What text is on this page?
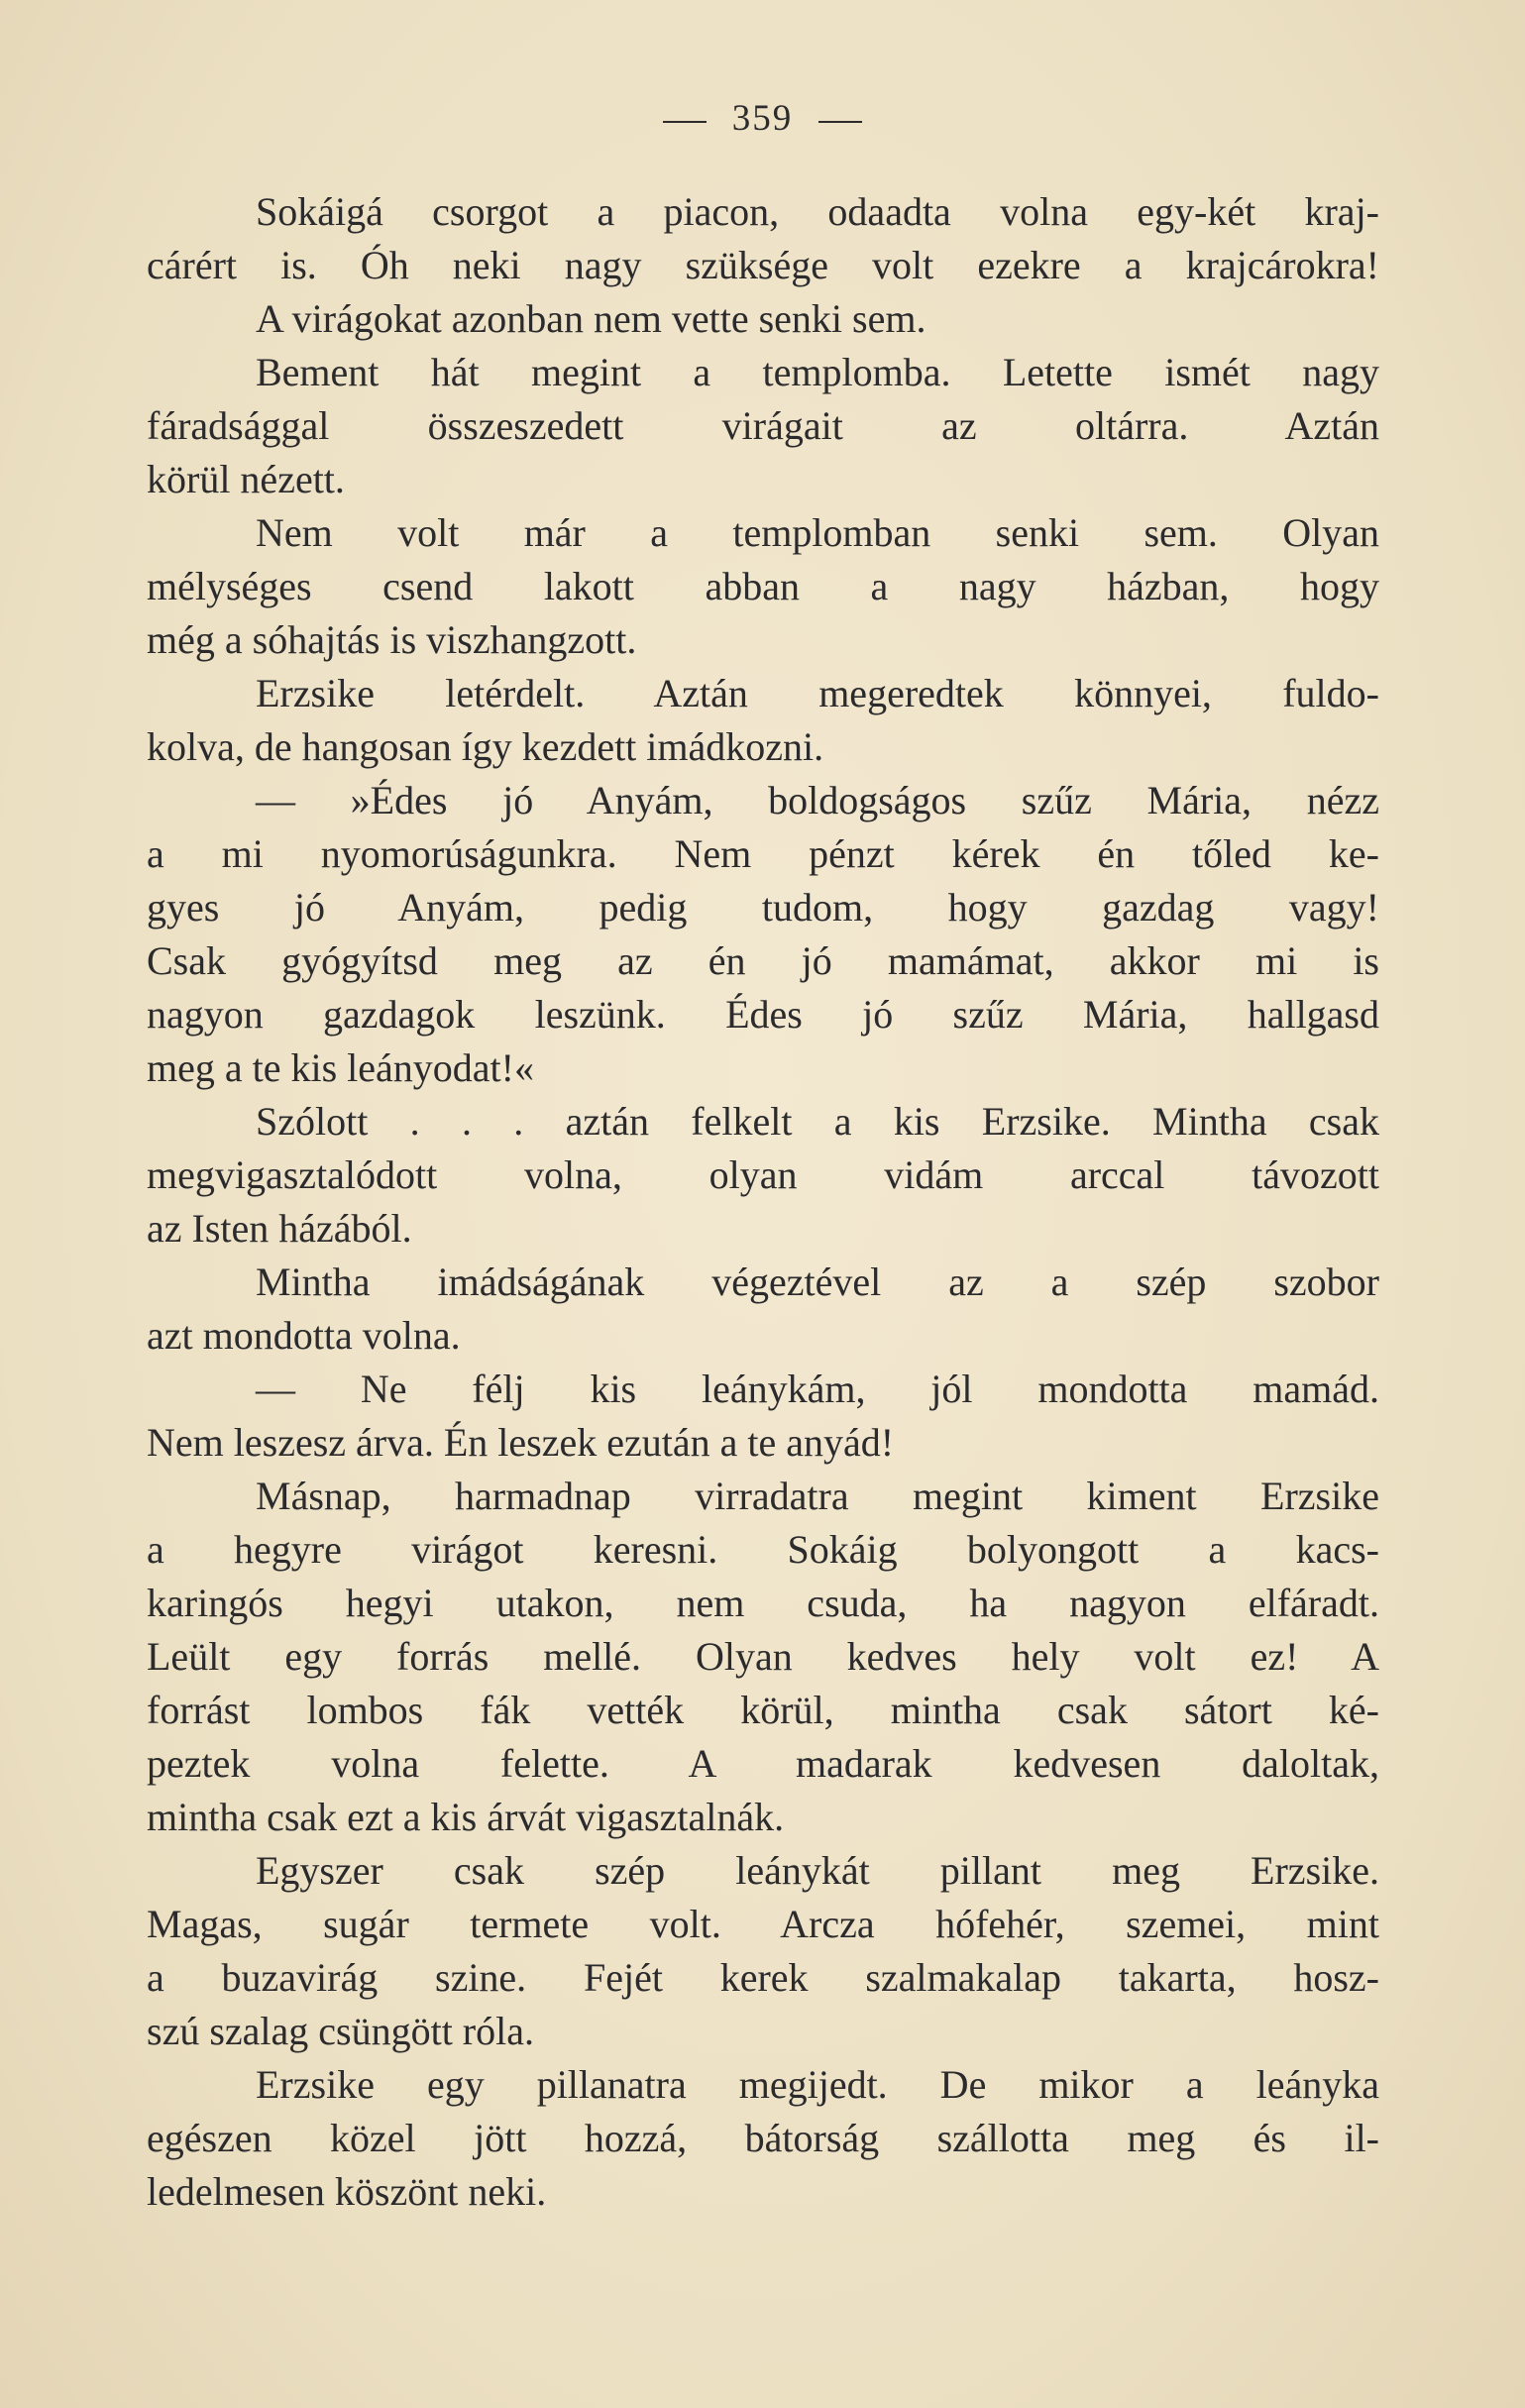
359
Sokáigá csorgot a piacon, odaadta volna egy-két kraj-
cárért is. Óh neki nagy szüksége volt ezekre a krajcárokra!
A virágokat azonban nem vette senki sem.
Bement hát megint a templomba. Letette ismét nagy
fáradsággal összeszedett virágait az oltárra. Aztán
körül nézett.
Nem volt már a templomban senki sem. Olyan
mélységes csend lakott abban a nagy házban, hogy
még a sóhajtás is viszhangzott.
Erzsike letérdelt. Aztán megeredtek könnyei, fuldo-
kolva, de hangosan így kezdett imádkozni.
— »Édes jó Anyám, boldogságos szűz Mária, nézz
a mi nyomorúságunkra. Nem pénzt kérek én tőled ke-
gyes jó Anyám, pedig tudom, hogy gazdag vagy!
Csak gyógyítsd meg az én jó mamámat, akkor mi is
nagyon gazdagok leszünk. Édes jó szűz Mária, hallgasd
meg a te kis leányodat!«
Szólott . . . aztán felkelt a kis Erzsike. Mintha csak
megvigasztalódott volna, olyan vidám arccal távozott
az Isten házából.
Mintha imádságának végeztével az a szép szobor
azt mondotta volna.
— Ne félj kis leánykám, jól mondotta mamád.
Nem leszesz árva. Én leszek ezután a te anyád!
Másnap, harmadnap virradatra megint kiment Erzsike
a hegyre virágot keresni. Sokáig bolyongott a kacs-
karingós hegyi utakon, nem csuda, ha nagyon elfáradt.
Leült egy forrás mellé. Olyan kedves hely volt ez! A
forrást lombos fák vették körül, mintha csak sátort ké-
peztek volna felette. A madarak kedvesen daloltak,
mintha csak ezt a kis árvát vigasztalnák.
Egyszer csak szép leánykát pillant meg Erzsike.
Magas, sugár termete volt. Arcza hófehér, szemei, mint
a buzavirág szine. Fejét kerek szalmakalap takarta, hosz-
szú szalag csüngött róla.
Erzsike egy pillanatra megijedt. De mikor a leányka
egészen közel jött hozzá, bátorság szállotta meg és il-
ledelmesen köszönt neki.
